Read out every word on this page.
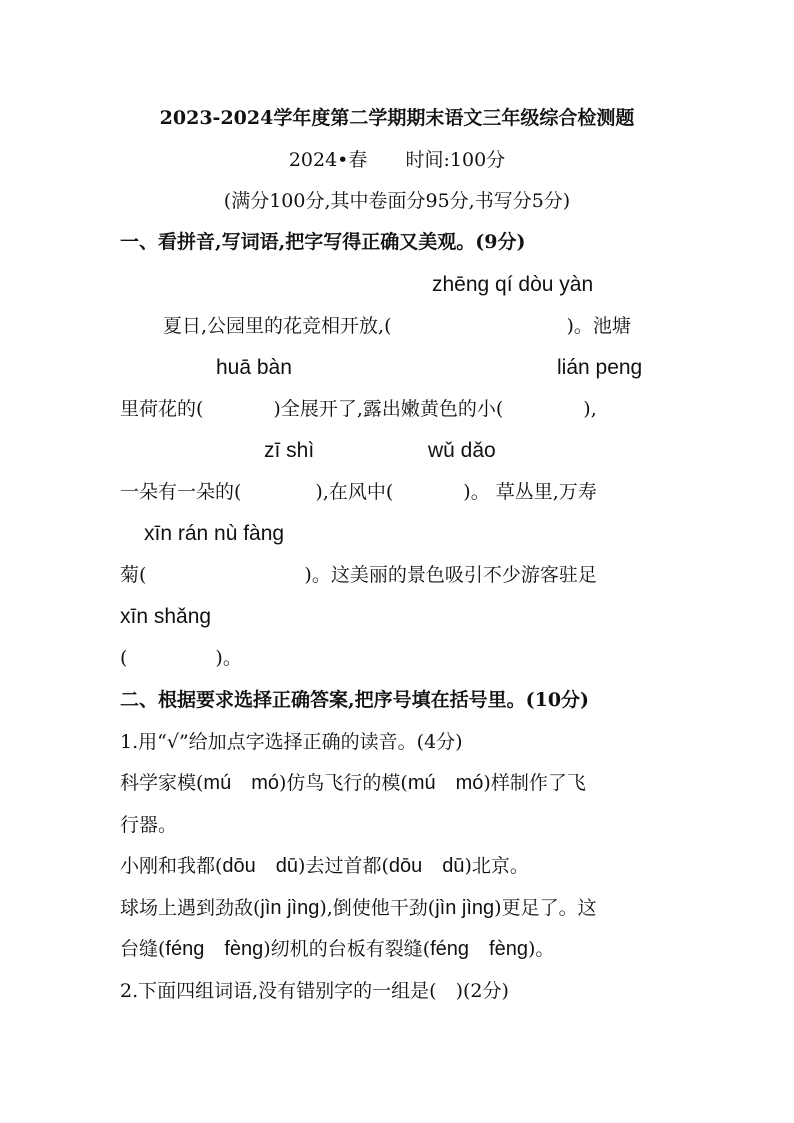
2023-2024学年度第二学期期末语文三年级综合检测题
2024•春 时间:100分
(满分100分,其中卷面分95分,书写分5分)
一、看拼音,写词语,把字写得正确又美观。(9分)
zhēng qí dòu yàn
夏日,公园里的花竞相开放,(	)。池塘
huā bàn	lián peng
里荷花的(	)全展开了,露出嫩黄色的小(	),
zī shì	wǔ dǎo
一朵有一朵的(	),在风中(	)。 草丛里,万寿
xīn rán nù fàng
菊(	)。这美丽的景色吸引不少游客驻足
xīn shǎng
(	)。
二、根据要求选择正确答案,把序号填在括号里。(10分)
1.用“√”给加点字选择正确的读音。(4分)
科学家模(mú　mó)仿鸟飞行的模(mú　mó)样制作了飞
行器。
小刚和我都(dōu　dū)去过首都(dōu　dū)北京。
球场上遇到劲敌(jìn jìng),倒使他干劲(jìn jìng)更足了。这
台缝(féng　fèng)纫机的台板有裂缝(féng　fèng)。
2.下面四组词语,没有错别字的一组是(　)(2分)
